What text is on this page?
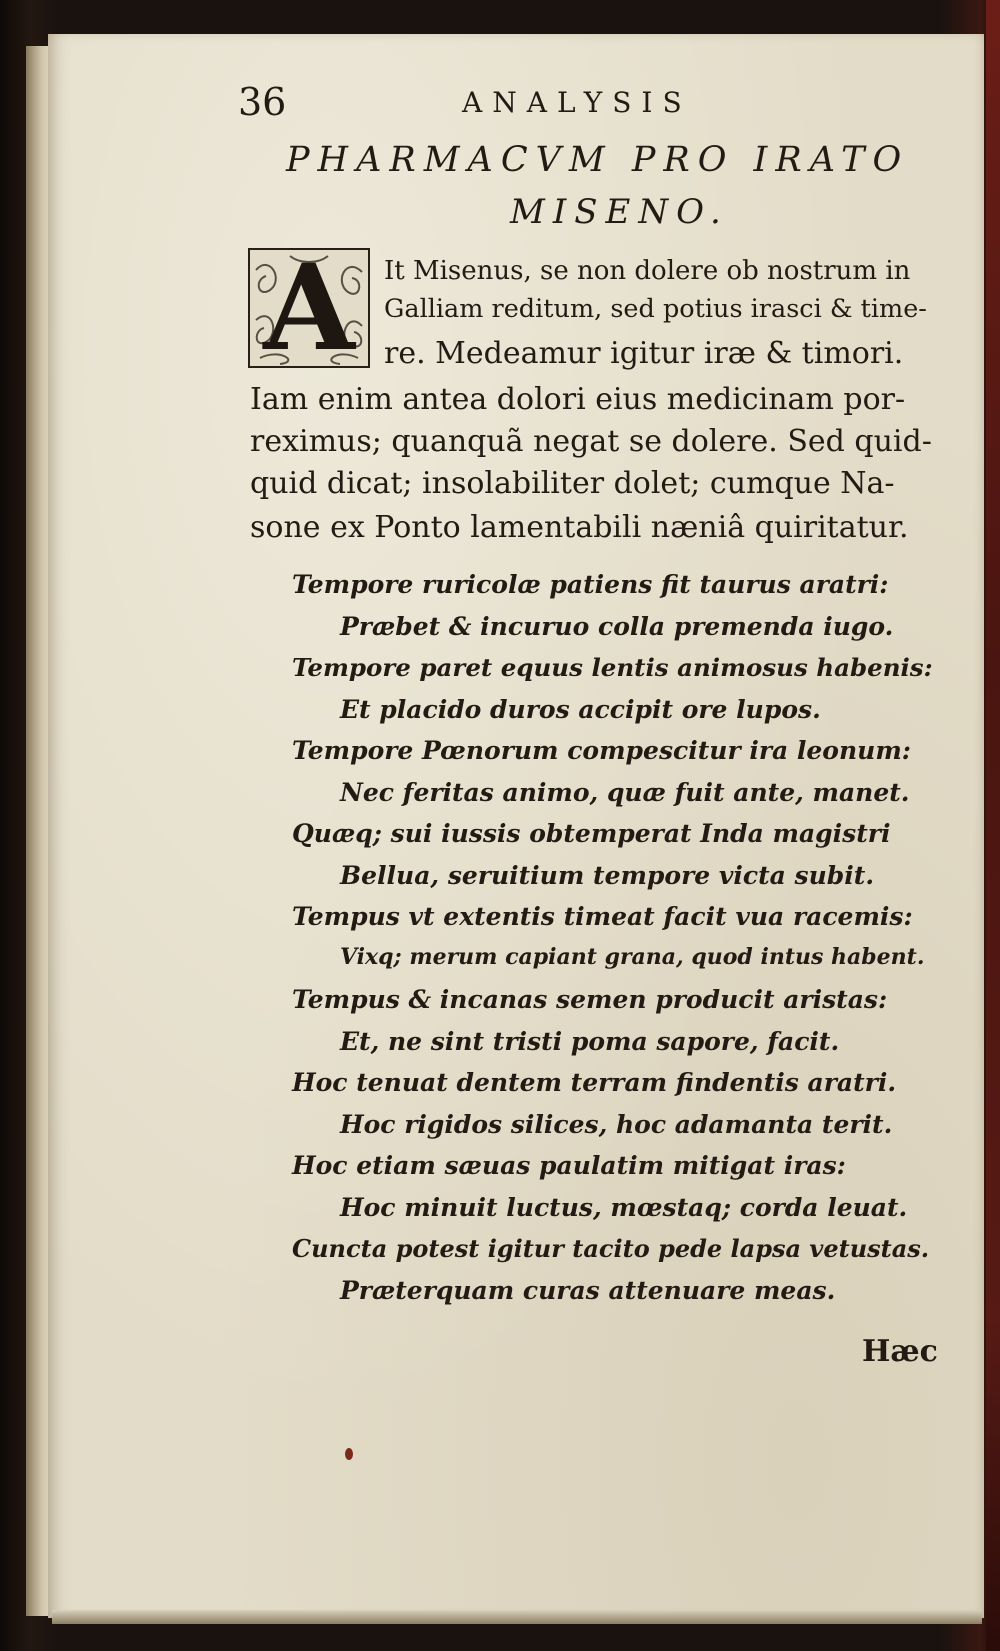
36	ANALYSIS
PHARMACVM PRO IRATO
MISENO.
A	It Misenus, se non dolere ob nostrum in
Galliam reditum, sed potius irasci & time-
re. Medeamur igitur iræ & timori.
Iam enim antea dolori eius medicinam por-
reximus; quanquã negat se dolere. Sed quid-
quid dicat; insolabiliter dolet; cumque Na-
sone ex Ponto lamentabili næniâ quiritatur.
Tempore ruricolæ patiens fit taurus aratri:
Præbet & incuruo colla premenda iugo.
Tempore paret equus lentis animosus habenis:
Et placido duros accipit ore lupos.
Tempore Pœnorum compescitur ira leonum:
Nec feritas animo, quæ fuit ante, manet.
Quæq; sui iussis obtemperat Inda magistri
Bellua, seruitium tempore victa subit.
Tempus vt extentis timeat facit vua racemis:
Vixq; merum capiant grana, quod intus habent.
Tempus & incanas semen producit aristas:
Et, ne sint tristi poma sapore, facit.
Hoc tenuat dentem terram findentis aratri.
Hoc rigidos silices, hoc adamanta terit.
Hoc etiam sæuas paulatim mitigat iras:
Hoc minuit luctus, mœstaq; corda leuat.
Cuncta potest igitur tacito pede lapsa vetustas.
Præterquam curas attenuare meas.
Hæc
